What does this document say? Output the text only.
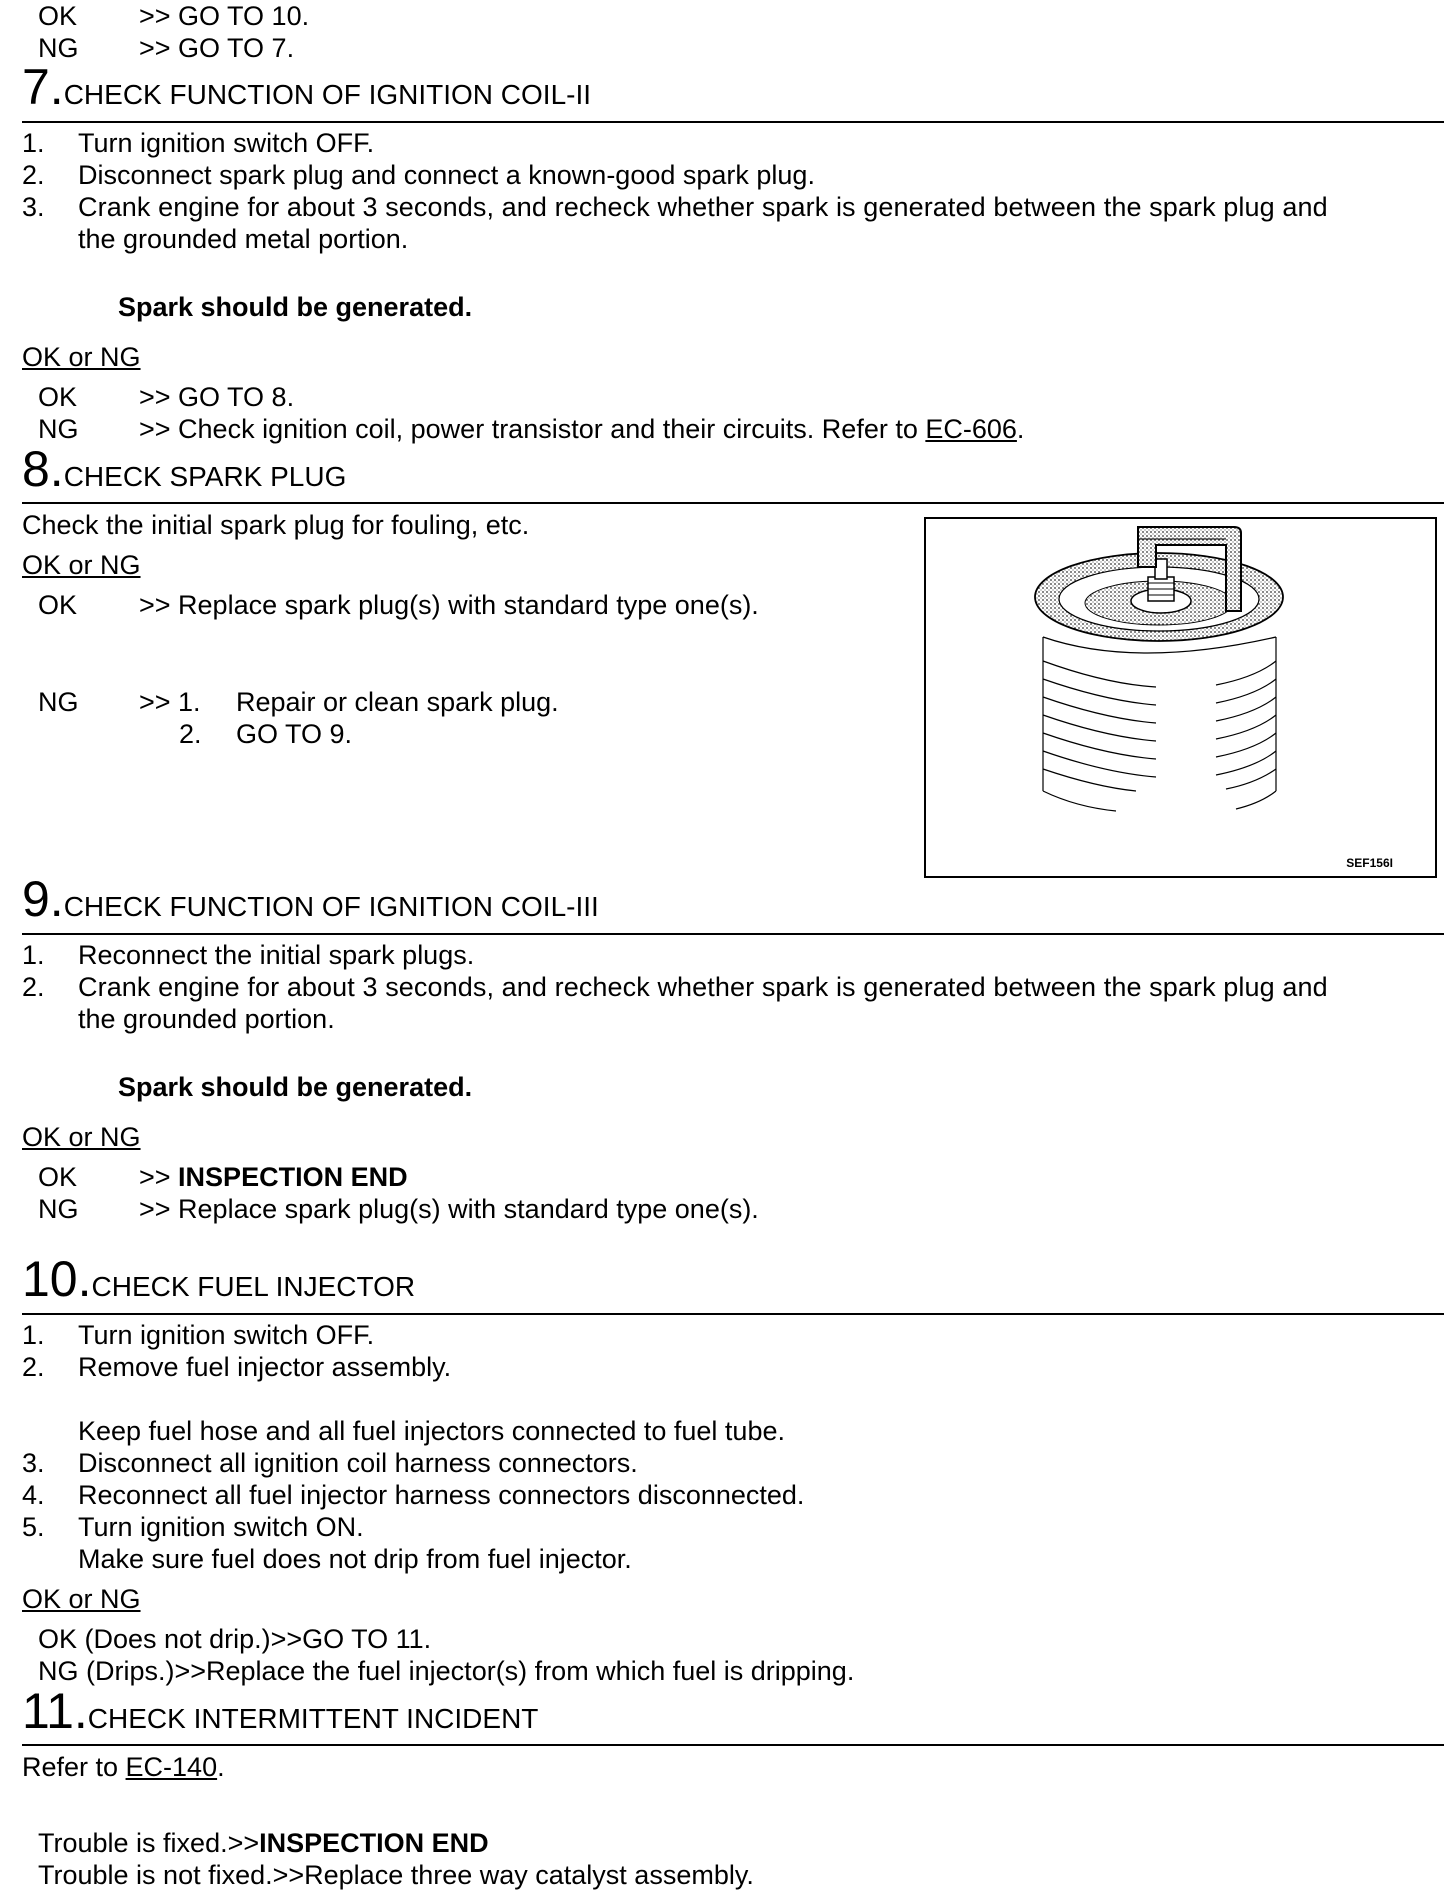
OK >> GO TO 10.
NG >> GO TO 7.
7.CHECK FUNCTION OF IGNITION COIL-II
1. Turn ignition switch OFF.
2. Disconnect spark plug and connect a known-good spark plug.
3. Crank engine for about 3 seconds, and recheck whether spark is generated between the spark plug and
the grounded metal portion.
Spark should be generated.
OK or NG
OK >> GO TO 8.
NG >> Check ignition coil, power transistor and their circuits. Refer to EC-606.
8.CHECK SPARK PLUG
Check the initial spark plug for fouling, etc.
OK or NG
OK >> Replace spark plug(s) with standard type one(s).
NG >> 1. Repair or clean spark plug.
2. GO TO 9.
SEF156I
9.CHECK FUNCTION OF IGNITION COIL-III
1. Reconnect the initial spark plugs.
2. Crank engine for about 3 seconds, and recheck whether spark is generated between the spark plug and
the grounded portion.
Spark should be generated.
OK or NG
OK >> INSPECTION END
NG >> Replace spark plug(s) with standard type one(s).
10.CHECK FUEL INJECTOR
1. Turn ignition switch OFF.
2. Remove fuel injector assembly.
Keep fuel hose and all fuel injectors connected to fuel tube.
3. Disconnect all ignition coil harness connectors.
4. Reconnect all fuel injector harness connectors disconnected.
5. Turn ignition switch ON.
Make sure fuel does not drip from fuel injector.
OK or NG
OK (Does not drip.)>>GO TO 11.
NG (Drips.)>>Replace the fuel injector(s) from which fuel is dripping.
11.CHECK INTERMITTENT INCIDENT
Refer to EC-140.
Trouble is fixed.>>INSPECTION END
Trouble is not fixed.>>Replace three way catalyst assembly.
